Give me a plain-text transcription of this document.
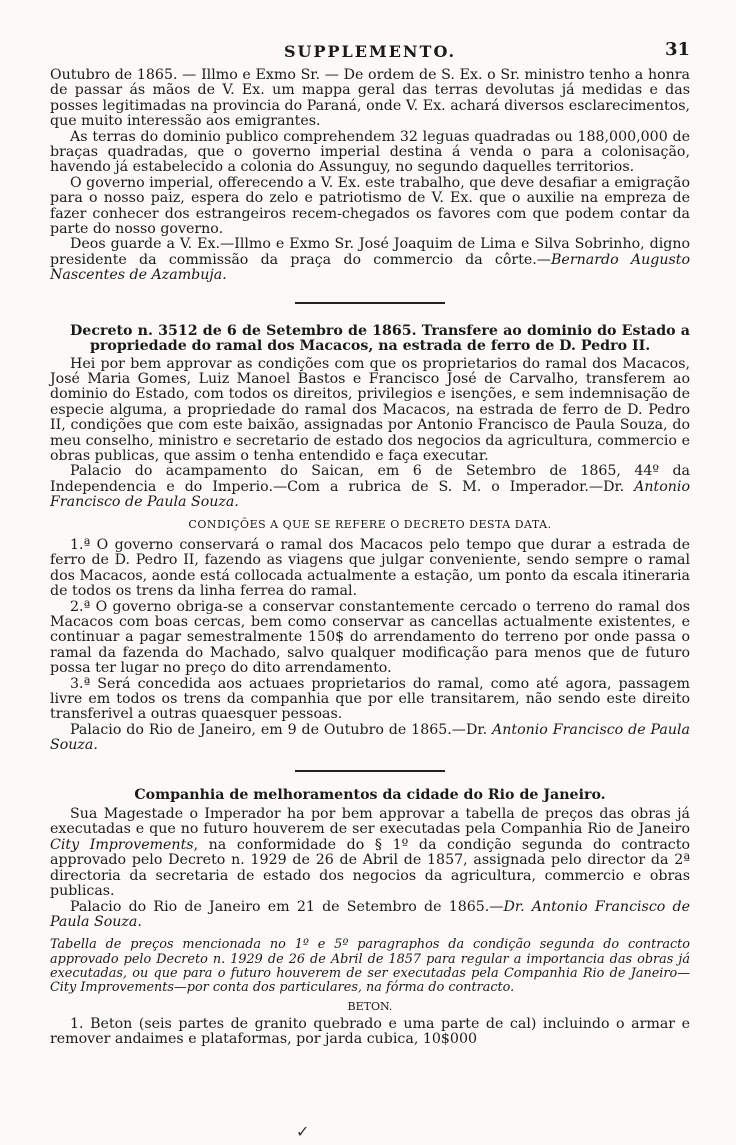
SUPPLEMENTO.	31

Outubro de 1865. — Illmo e Exmo Sr. — De ordem de S. Ex. o Sr. ministro tenho a honra de passar ás mãos de V. Ex. um mappa geral das terras devolutas já medidas e das posses legitimadas na provincia do Paraná, onde V. Ex. achará diversos esclarecimentos, que muito interessão aos emigrantes.

As terras do dominio publico comprehendem 32 leguas quadradas ou 188,000,000 de braças quadradas, que o governo imperial destina á venda o para a colonisação, havendo já estabelecido a colonia do Assunguy, no segundo daquelles territorios.

O governo imperial, offerecendo a V. Ex. este trabalho, que deve desafiar a emigração para o nosso paiz, espera do zelo e patriotismo de V. Ex. que o auxilie na empreza de fazer conhecer dos estrangeiros recem-chegados os favores com que podem contar da parte do nosso governo.

Deos guarde a V. Ex.—Illmo e Exmo Sr. José Joaquim de Lima e Silva Sobrinho, digno presidente da commissão da praça do commercio da côrte.—Bernardo Augusto Nascentes de Azambuja.

Decreto n. 3512 de 6 de Setembro de 1865. Transfere ao dominio do Estado a propriedade do ramal dos Macacos, na estrada de ferro de D. Pedro II.

Hei por bem approvar as condições com que os proprietarios do ramal dos Macacos, José Maria Gomes, Luiz Manoel Bastos e Francisco José de Carvalho, transferem ao dominio do Estado, com todos os direitos, privilegios e isenções, e sem indemnisação de especie alguma, a propriedade do ramal dos Macacos, na estrada de ferro de D. Pedro II, condições que com este baixão, assignadas por Antonio Francisco de Paula Souza, do meu conselho, ministro e secretario de estado dos negocios da agricultura, commercio e obras publicas, que assim o tenha entendido e faça executar.

Palacio do acampamento do Saican, em 6 de Setembro de 1865, 44º da Independencia e do Imperio.—Com a rubrica de S. M. o Imperador.—Dr. Antonio Francisco de Paula Souza.

CONDIÇÕES A QUE SE REFERE O DECRETO DESTA DATA.

1.ª O governo conservará o ramal dos Macacos pelo tempo que durar a estrada de ferro de D. Pedro II, fazendo as viagens que julgar conveniente, sendo sempre o ramal dos Macacos, aonde está collocada actualmente a estação, um ponto da escala itineraria de todos os trens da linha ferrea do ramal.

2.ª O governo obriga-se a conservar constantemente cercado o terreno do ramal dos Macacos com boas cercas, bem como conservar as cancellas actualmente existentes, e continuar a pagar semestralmente 150$ do arrendamento do terreno por onde passa o ramal da fazenda do Machado, salvo qualquer modificação para menos que de futuro possa ter lugar no preço do dito arrendamento.

3.ª Será concedida aos actuaes proprietarios do ramal, como até agora, passagem livre em todos os trens da companhia que por elle transitarem, não sendo este direito transferivel a outras quaesquer pessoas.

Palacio do Rio de Janeiro, em 9 de Outubro de 1865.—Dr. Antonio Francisco de Paula Souza.

Companhia de melhoramentos da cidade do Rio de Janeiro.

Sua Magestade o Imperador ha por bem approvar a tabella de preços das obras já executadas e que no futuro houverem de ser executadas pela Companhia Rio de Janeiro City Improvements, na conformidade do § 1º da condição segunda do contracto approvado pelo Decreto n. 1929 de 26 de Abril de 1857, assignada pelo director da 2ª directoria da secretaria de estado dos negocios da agricultura, commercio e obras publicas.

Palacio do Rio de Janeiro em 21 de Setembro de 1865.—Dr. Antonio Francisco de Paula Souza.

Tabella de preços mencionada no 1º e 5º paragraphos da condição segunda do contracto approvado pelo Decreto n. 1929 de 26 de Abril de 1857 para regular a importancia das obras já executadas, ou que para o futuro houverem de ser executadas pela Companhia Rio de Janeiro—City Improvements—por conta dos particulares, na fórma do contracto.

BETON.

1. Beton (seis partes de granito quebrado e uma parte de cal) incluindo o armar e remover andaimes e plataformas, por jarda cubica, 10$000

✓
